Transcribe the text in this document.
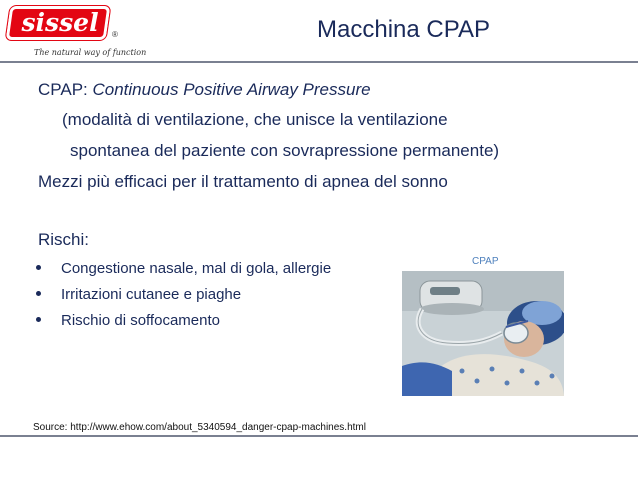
sissel	®
The natural way of function
Macchina CPAP
CPAP: Continuous Positive Airway Pressure
(modalità di ventilazione, che unisce la ventilazione
spontanea del paziente con sovrapressione permanente)
Mezzi più efficaci per il trattamento di apnea del sonno
Rischi:
Congestione nasale, mal di gola, allergie
Irritazioni cutanee e piaghe
Rischio di soffocamento
CPAP
Source: http://www.ehow.com/about_5340594_danger-cpap-machines.html
